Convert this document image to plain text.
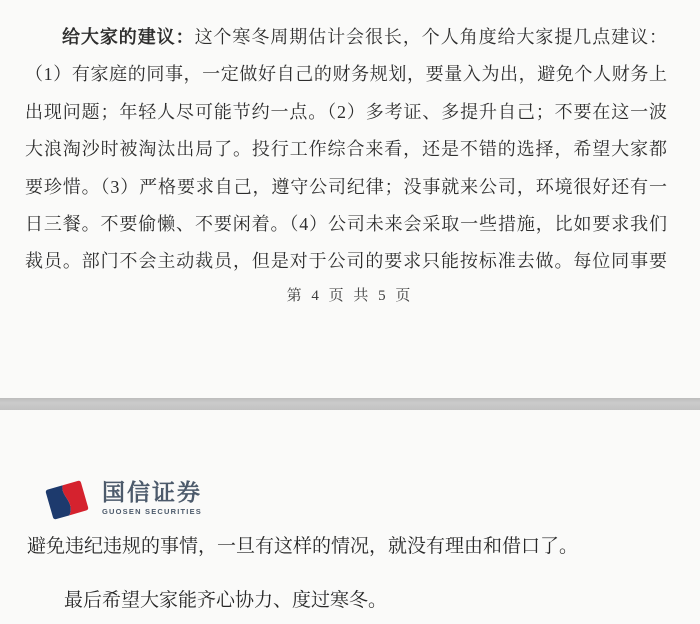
给大家的建议：这个寒冬周期估计会很长，个人角度给大家提几点建议：
（1）有家庭的同事，一定做好自己的财务规划，要量入为出，避免个人财务上
出现问题；年轻人尽可能节约一点。（2）多考证、多提升自己；不要在这一波
大浪淘沙时被淘汰出局了。投行工作综合来看，还是不错的选择，希望大家都
要珍惜。（3）严格要求自己，遵守公司纪律；没事就来公司，环境很好还有一
日三餐。不要偷懒、不要闲着。（4）公司未来会采取一些措施，比如要求我们
裁员。部门不会主动裁员，但是对于公司的要求只能按标准去做。每位同事要
第 4 页 共 5 页
国信证券
GUOSEN SECURITIES
避免违纪违规的事情，一旦有这样的情况，就没有理由和借口了。
最后希望大家能齐心协力、度过寒冬。
